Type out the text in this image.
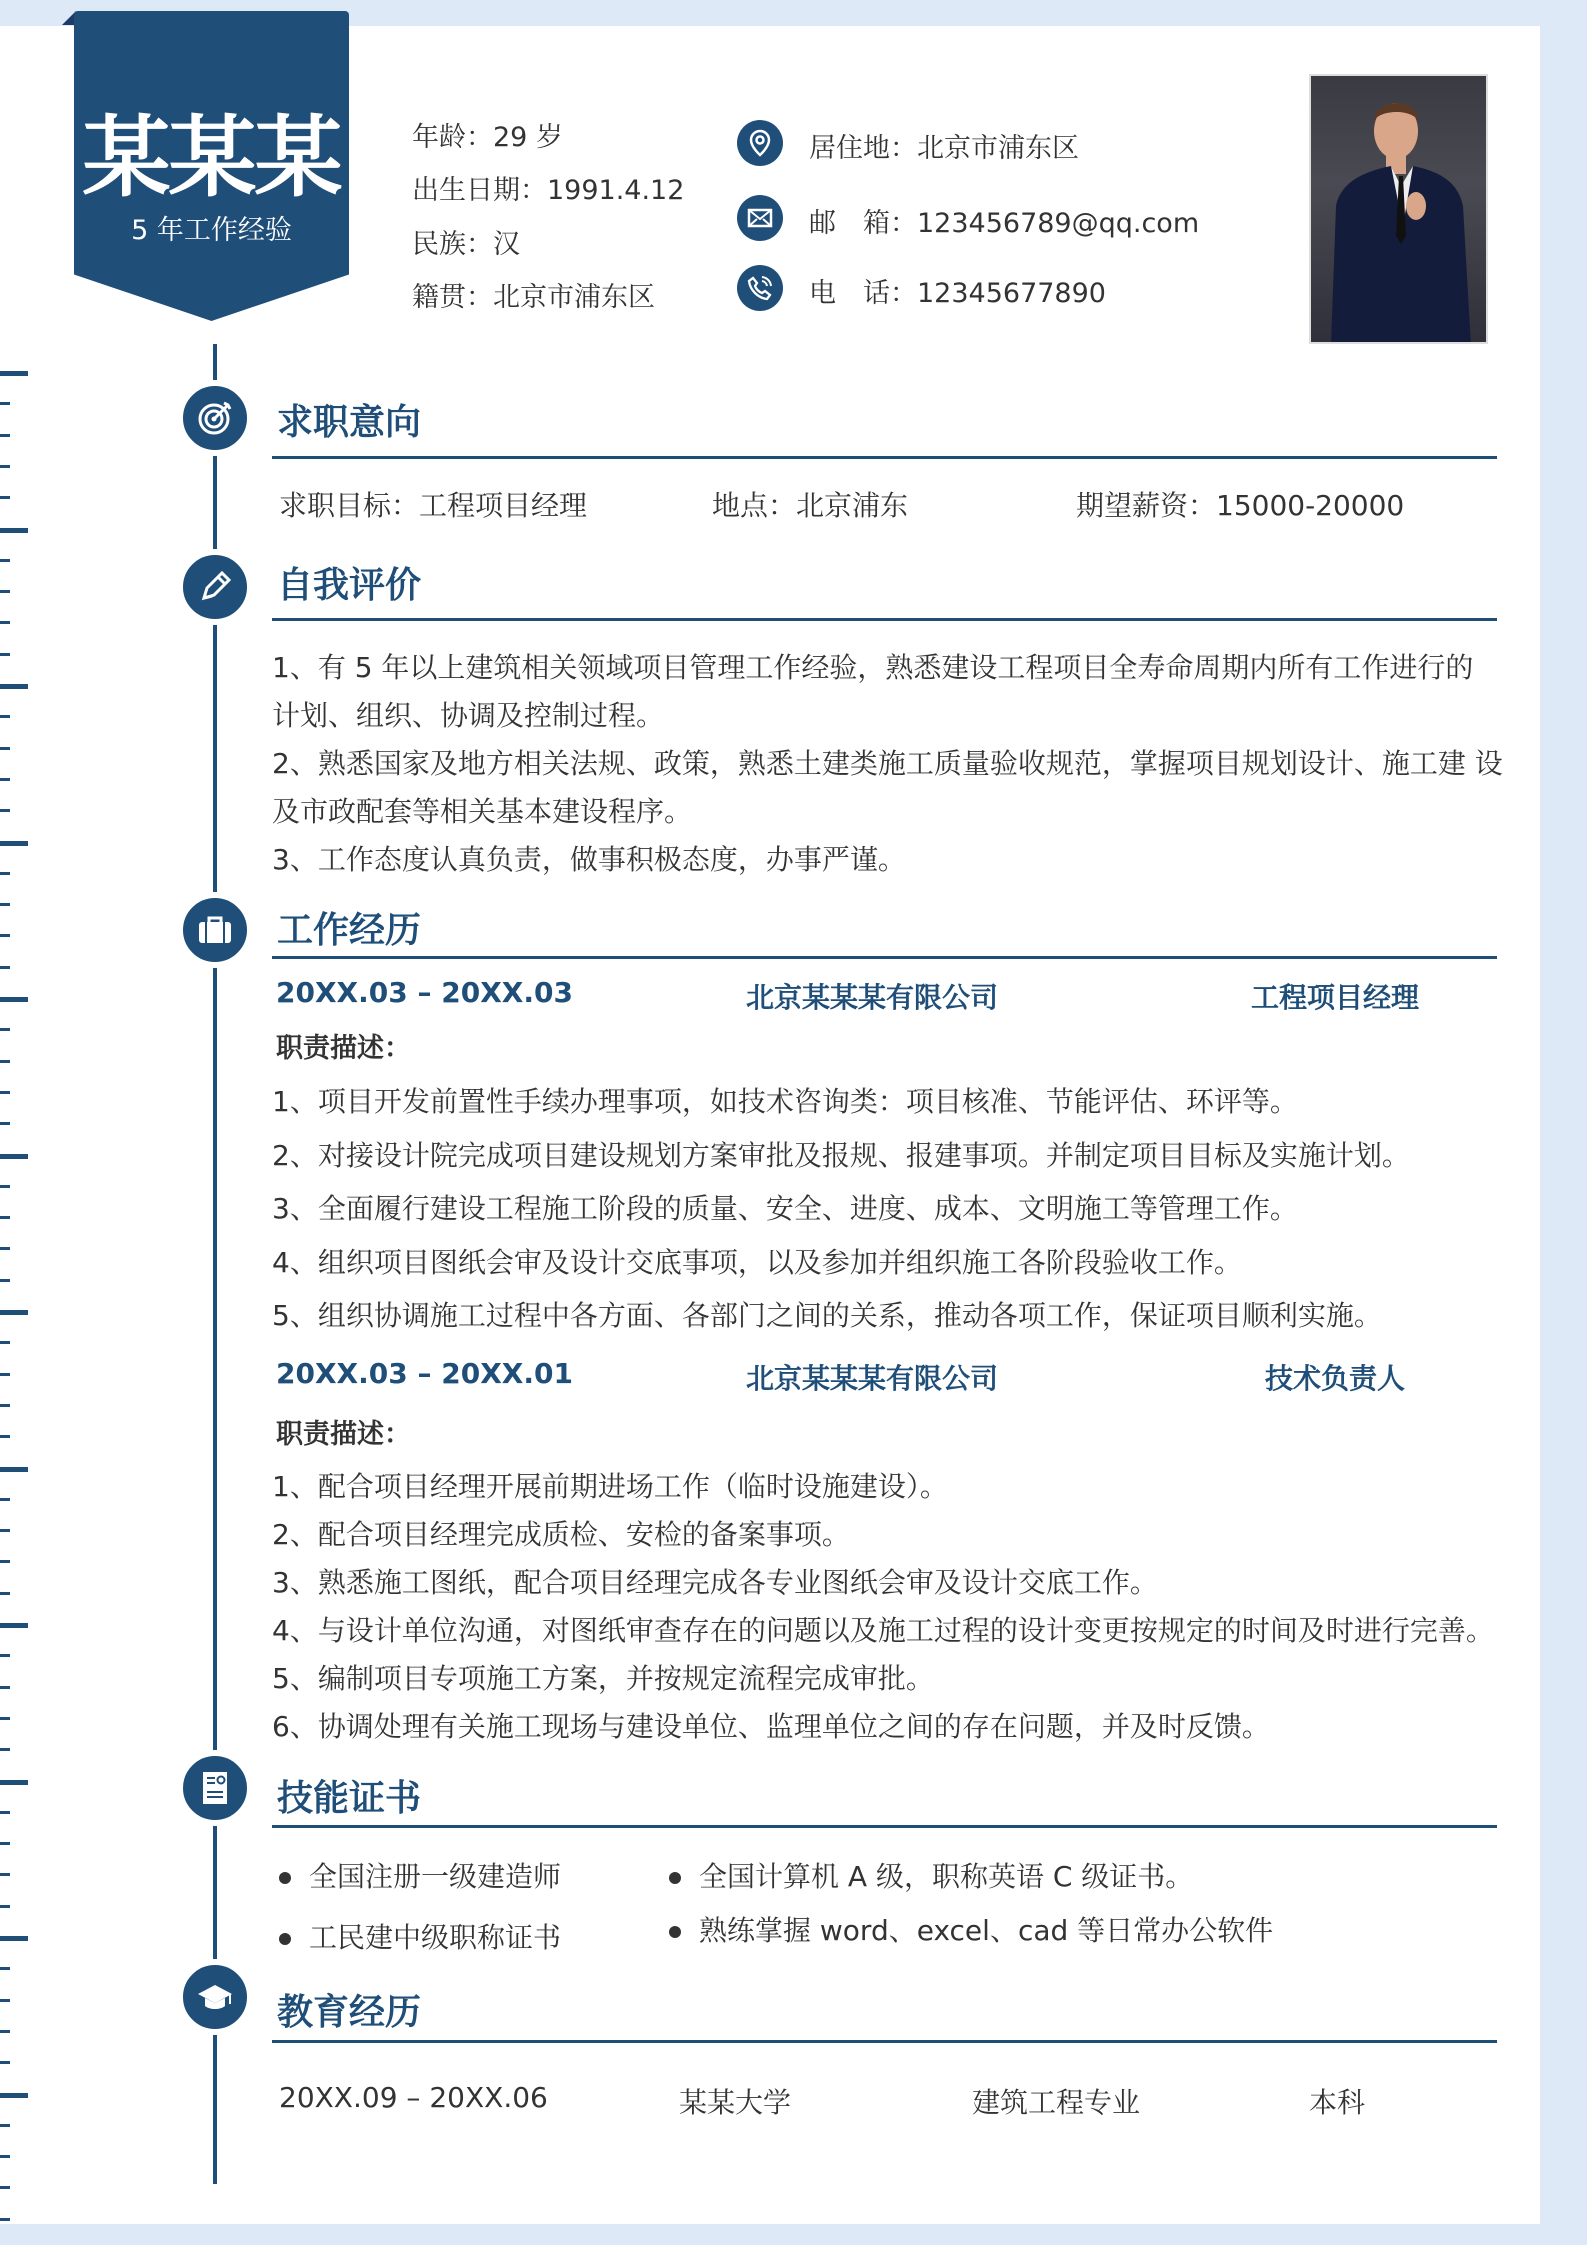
某某某
5 年工作经验
年龄：29 岁
出生日期：1991.4.12
民族：汉
籍贯：北京市浦东区
居住地：北京市浦东区
邮　箱：123456789@qq.com
电　话：12345677890
求职意向
求职目标：工程项目经理	地点：北京浦东	期望薪资：15000-20000
自我评价
1、有 5 年以上建筑相关领域项目管理工作经验，熟悉建设工程项目全寿命周期内所有工作进行的
计划、组织、协调及控制过程。
2、熟悉国家及地方相关法规、政策，熟悉土建类施工质量验收规范，掌握项目规划设计、施工建 设
及市政配套等相关基本建设程序。
3、工作态度认真负责，做事积极态度，办事严谨。
工作经历
20XX.03 – 20XX.03	北京某某某有限公司	工程项目经理
职责描述：
1、项目开发前置性手续办理事项，如技术咨询类：项目核准、节能评估、环评等。
2、对接设计院完成项目建设规划方案审批及报规、报建事项。并制定项目目标及实施计划。
3、全面履行建设工程施工阶段的质量、安全、进度、成本、文明施工等管理工作。
4、组织项目图纸会审及设计交底事项，以及参加并组织施工各阶段验收工作。
5、组织协调施工过程中各方面、各部门之间的关系，推动各项工作，保证项目顺利实施。
20XX.03 – 20XX.01	北京某某某有限公司	技术负责人
职责描述：
1、配合项目经理开展前期进场工作（临时设施建设）。
2、配合项目经理完成质检、安检的备案事项。
3、熟悉施工图纸，配合项目经理完成各专业图纸会审及设计交底工作。
4、与设计单位沟通，对图纸审查存在的问题以及施工过程的设计变更按规定的时间及时进行完善。
5、编制项目专项施工方案，并按规定流程完成审批。
6、协调处理有关施工现场与建设单位、监理单位之间的存在问题，并及时反馈。
技能证书
全国注册一级建造师
工民建中级职称证书
全国计算机 A 级，职称英语 C 级证书。
熟练掌握 word、excel、cad 等日常办公软件
教育经历
20XX.09 – 20XX.06	某某大学	建筑工程专业	本科
